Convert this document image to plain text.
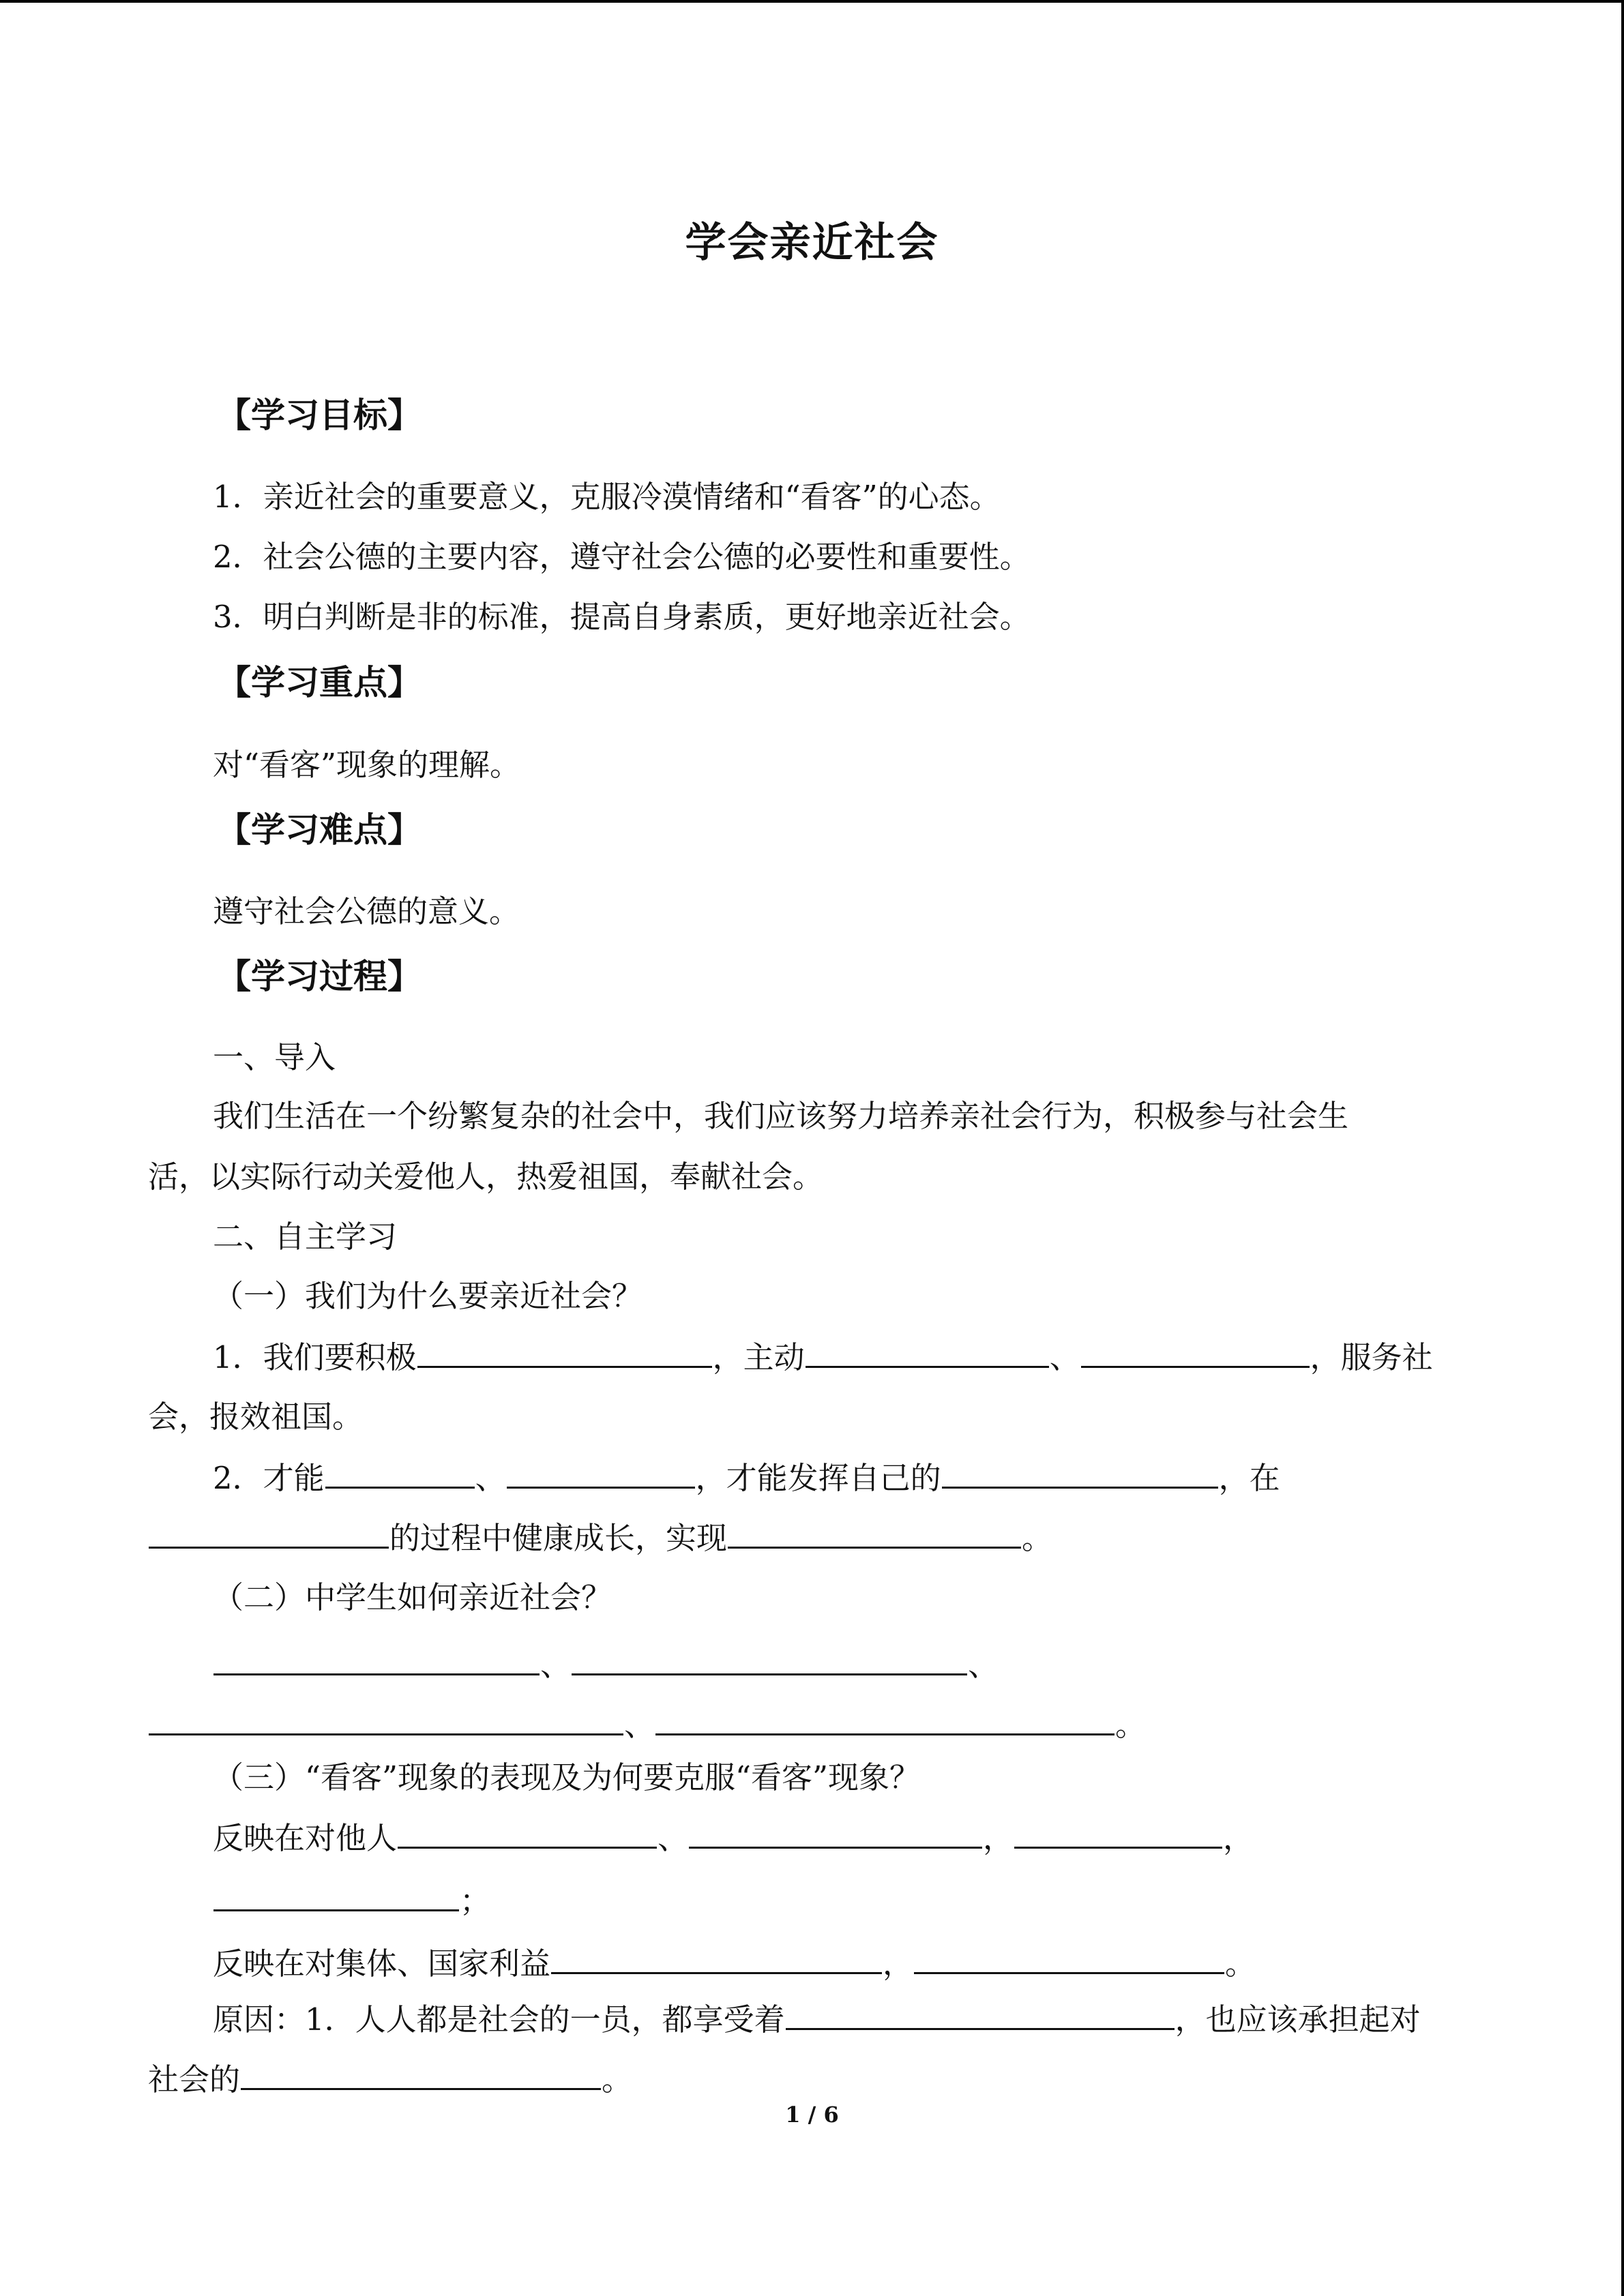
学会亲近社会
【学习目标】
1．亲近社会的重要意义，克服冷漠情绪和“看客”的心态。
2．社会公德的主要内容，遵守社会公德的必要性和重要性。
3．明白判断是非的标准，提高自身素质，更好地亲近社会。
【学习重点】
对“看客”现象的理解。
【学习难点】
遵守社会公德的意义。
【学习过程】
一、导入
我们生活在一个纷繁复杂的社会中，我们应该努力培养亲社会行为，积极参与社会生
活，以实际行动关爱他人，热爱祖国，奉献社会。
二、自主学习
（一）我们为什么要亲近社会？
1．我们要积极	，主动	、	，服务社
会，报效祖国。
2．才能	、	，才能发挥自己的	，在
的过程中健康成长，实现	。
（二）中学生如何亲近社会？
、	、
、	。
（三）“看客”现象的表现及为何要克服“看客”现象？
反映在对他人	、	，	，
；
反映在对集体、国家利益	，	。
原因：1．人人都是社会的一员，都享受着	，也应该承担起对
社会的	。
1 / 6
